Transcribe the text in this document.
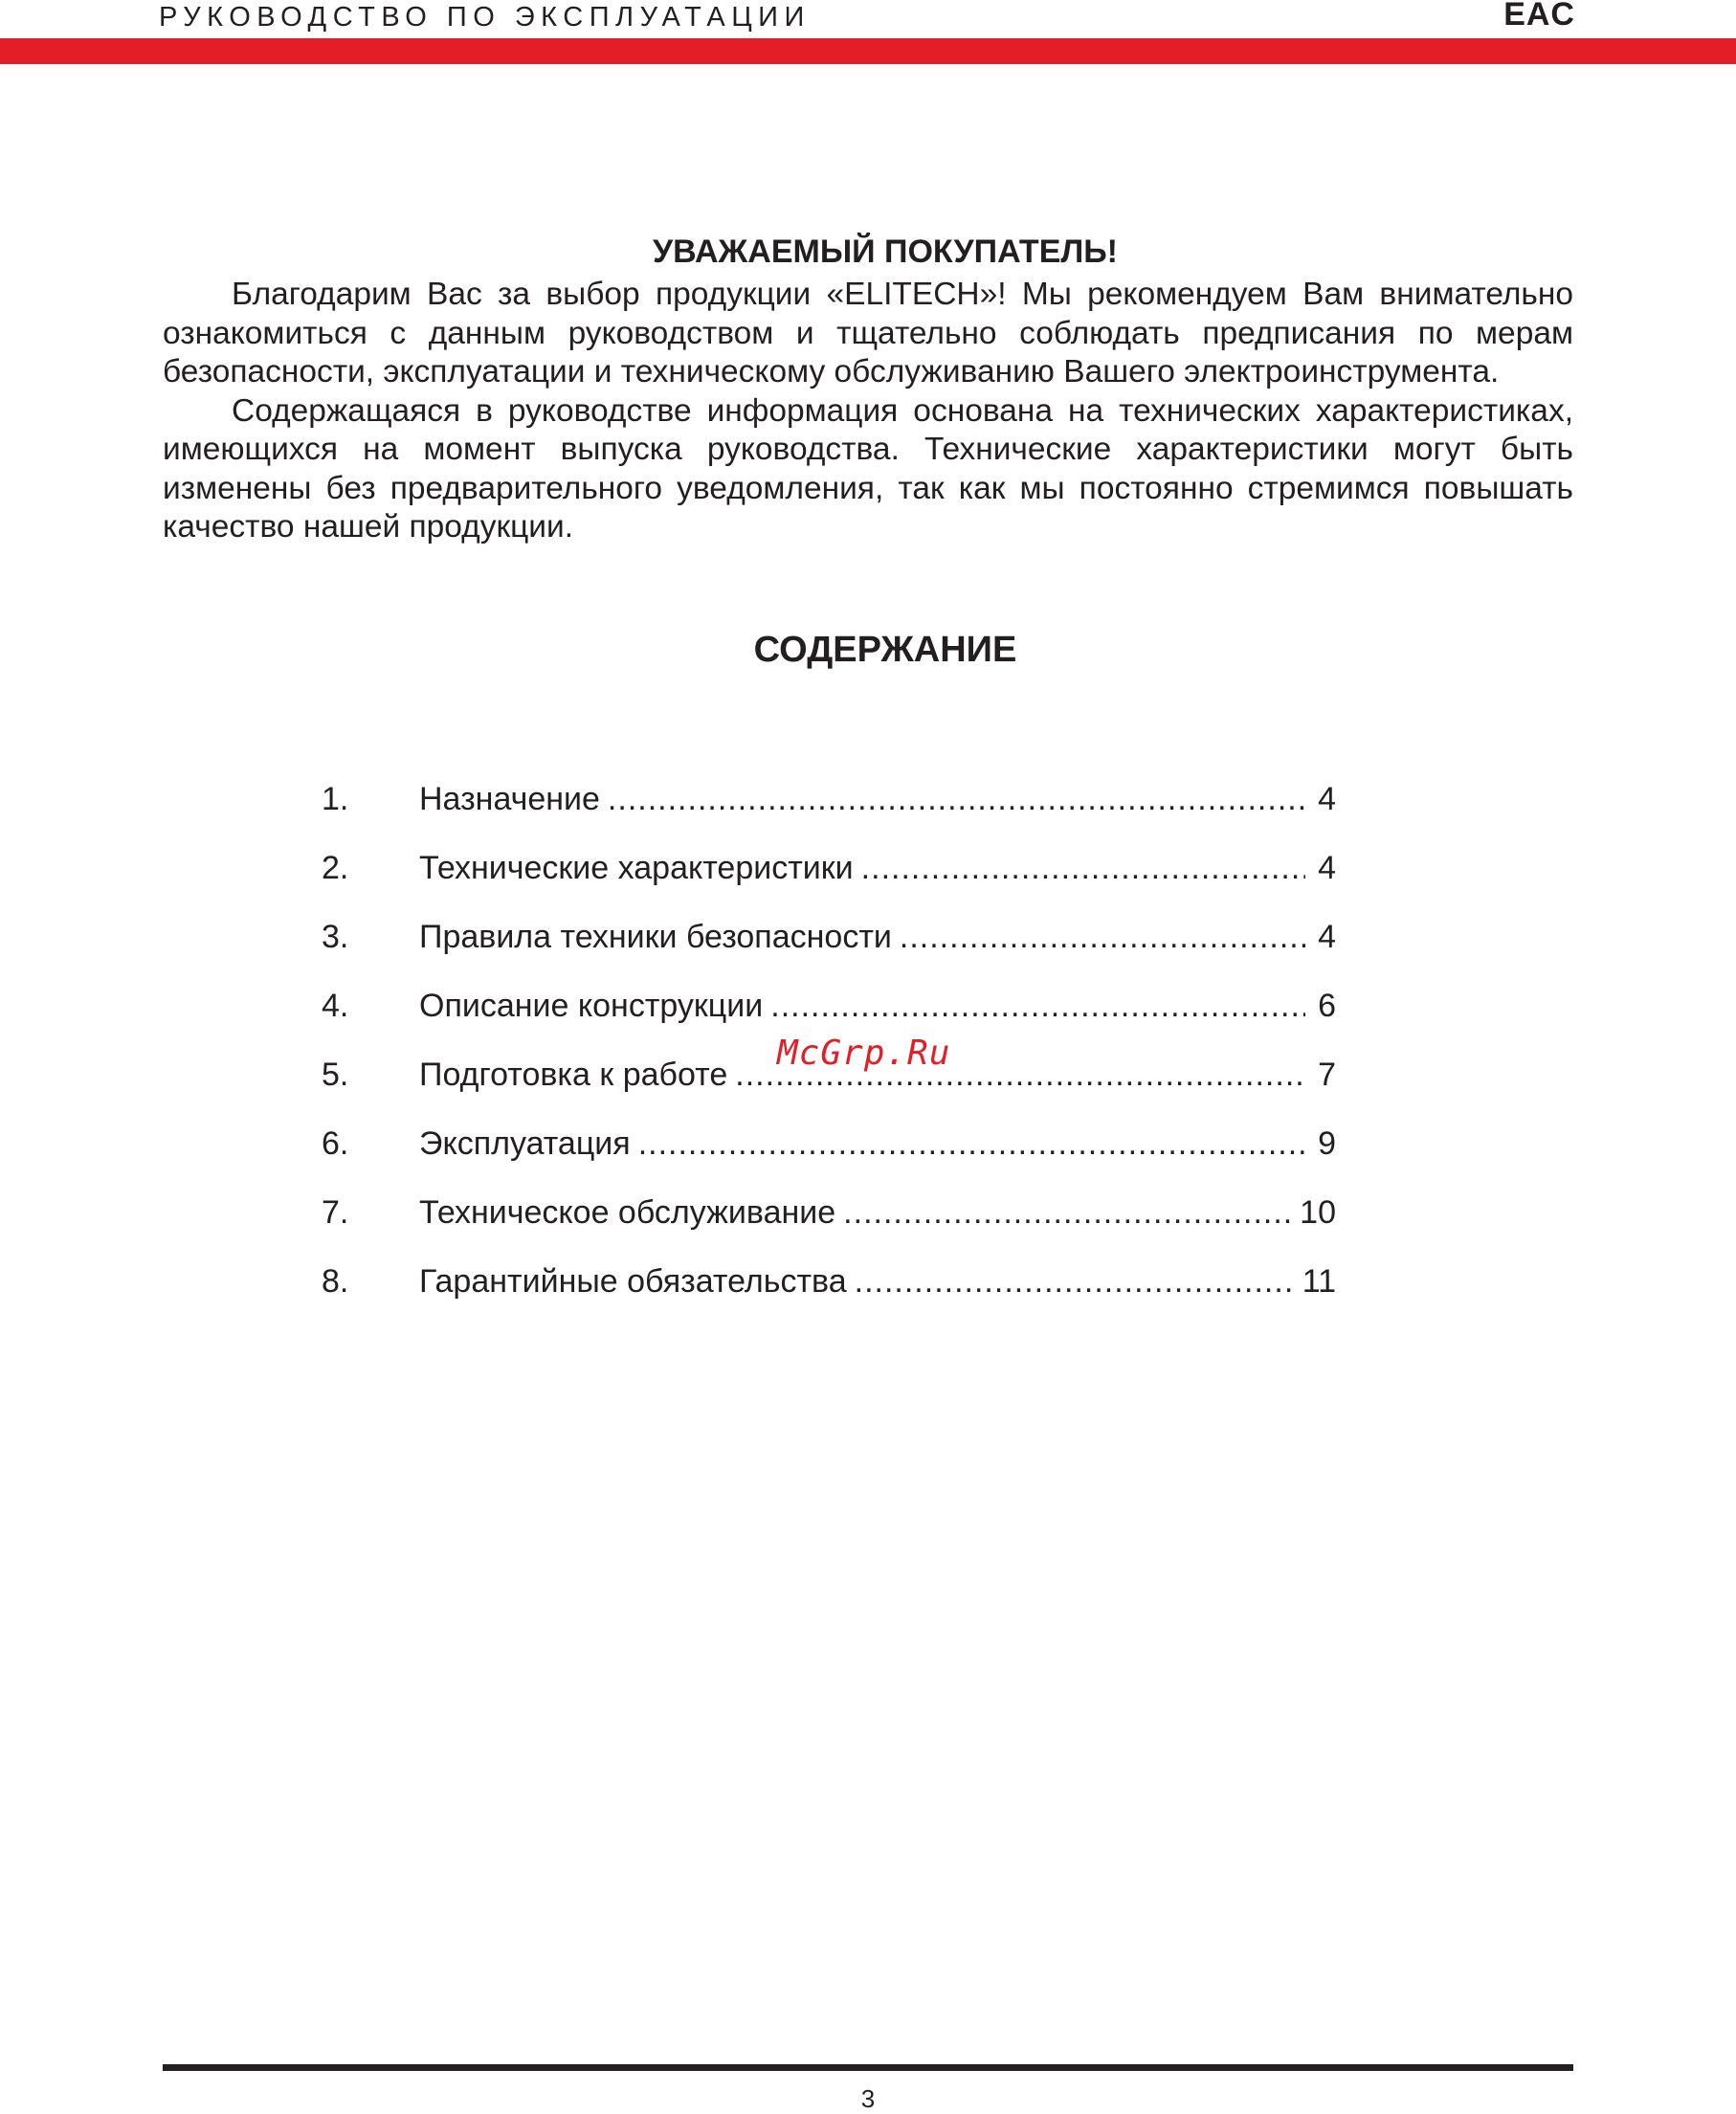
РУКОВОДСТВО ПО ЭКСПЛУАТАЦИИ	EAC
УВАЖАЕМЫЙ ПОКУПАТЕЛЬ!

Благодарим Вас за выбор продукции «ELITECH»! Мы рекомендуем Вам внимательно ознакомиться с данным руководством и тщательно соблюдать предписания по мерам безопасности, эксплуатации и техническому обслуживанию Вашего электроинструмента.

Содержащаяся в руководстве информация основана на технических характеристиках, имеющихся на момент выпуска руководства. Технические характеристики могут быть изменены без предварительного уведомления, так как мы постоянно стремимся повышать качество нашей продукции.

СОДЕРЖАНИЕ
1.	Назначение .....	4
2.	Технические характеристики .....	4
3.	Правила техники безопасности .....	4
4.	Описание конструкции .....	6
5.	Подготовка к работе .....	7
6.	Эксплуатация .....	9
7.	Техническое обслуживание .....	10
8.	Гарантийные обязательства .....	11
McGrp.Ru
3
